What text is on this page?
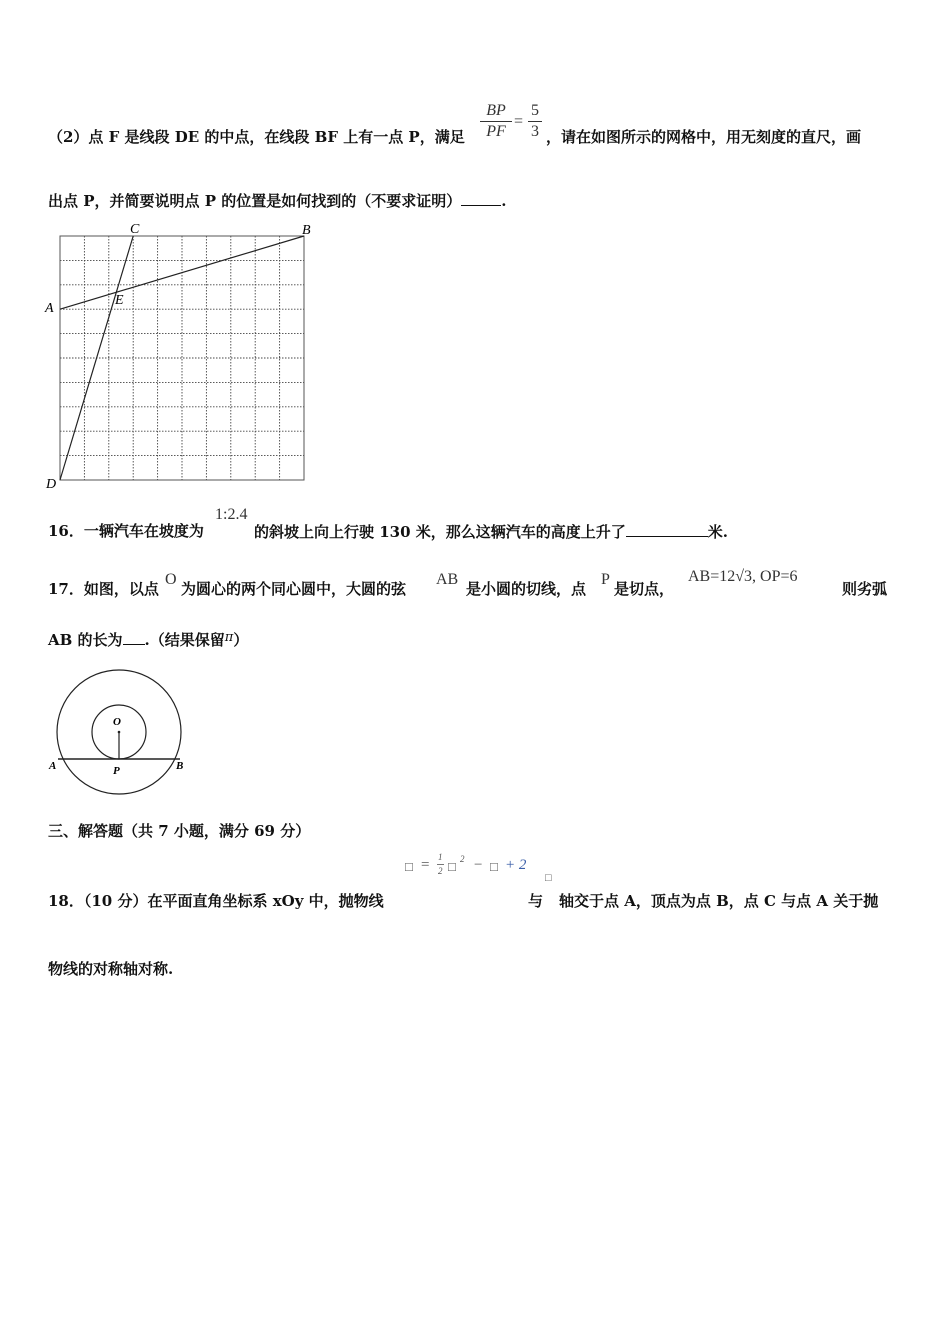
（2）点 F 是线段 DE 的中点，在线段 BF 上有一点 P，满足
BP
PF
=
5
3 ，请在如图所示的网格中，用无刻度的直尺，画
出点 P，并简要说明点 P 的位置是如何找到的（不要求证明）	.
C	B
A
E
D
16．一辆汽车在坡度为
1:2.4
的斜坡上向上行驶 130 米，那么这辆汽车的高度上升了	米.
17．如图，以点
O
为圆心的两个同心圆中，大圆的弦
AB
是小圆的切线，点
P
是切点，
AB=12√3, OP=6
则劣弧
AB 的长为 .（结果保留π）
O
A	B
P
三、解答题（共 7 小题，满分 69 分）
□ = 1
2 □ 2 − □ + 2
□
18．（10 分）在平面直角坐标系 xOy 中，抛物线	与 轴交于点 A，顶点为点 B，点 C 与点 A 关于抛
物线的对称轴对称.
